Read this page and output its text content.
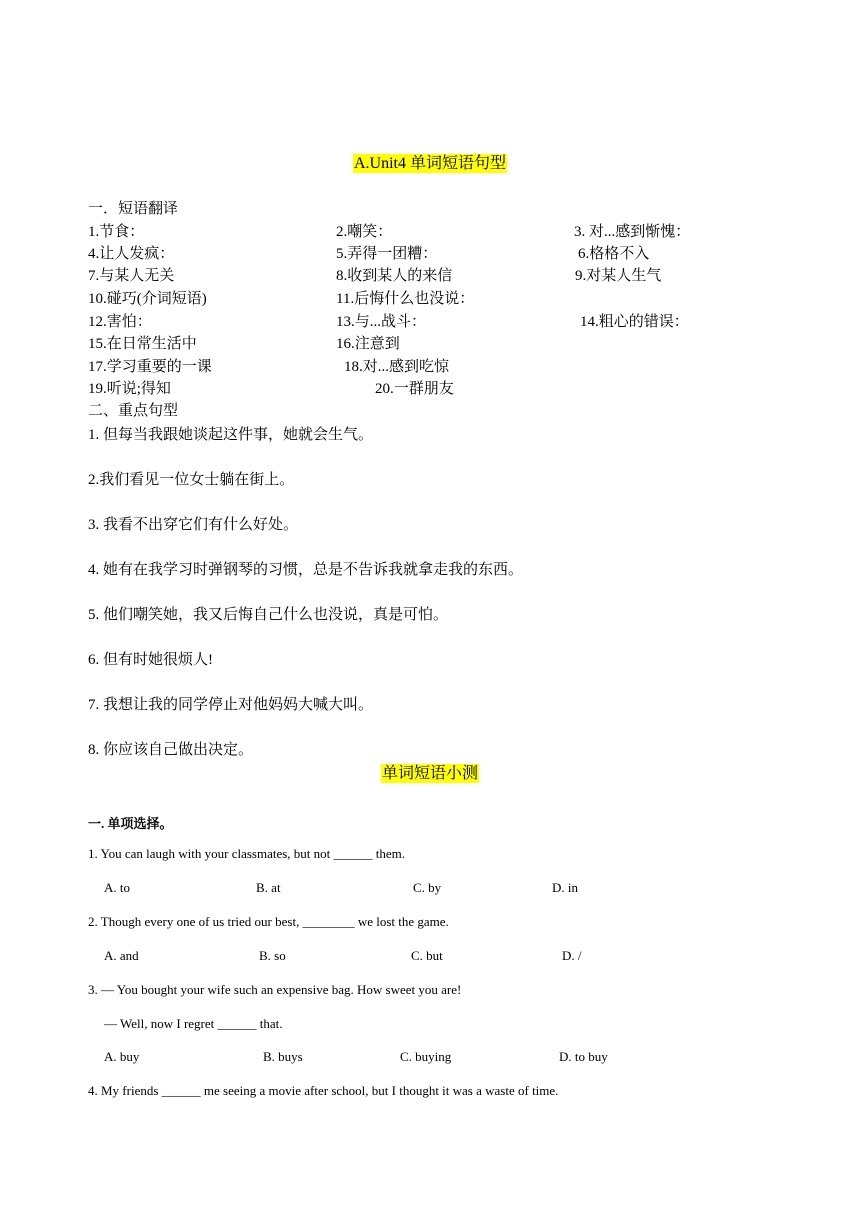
A.Unit4 单词短语句型
一．短语翻译
1.节食：	2.嘲笑：	3. 对...感到惭愧：
4.让人发疯：	5.弄得一团糟：	6.格格不入
7.与某人无关	8.收到某人的来信	9.对某人生气
10.碰巧(介词短语)	11.后悔什么也没说：
12.害怕：	13.与...战斗：	14.粗心的错误：
15.在日常生活中	16.注意到
17.学习重要的一课	18.对...感到吃惊
19.听说;得知	20.一群朋友
二、重点句型
1. 但每当我跟她谈起这件事，她就会生气。
2.我们看见一位女士躺在街上。
3. 我看不出穿它们有什么好处。
4. 她有在我学习时弹钢琴的习惯，总是不告诉我就拿走我的东西。
5. 他们嘲笑她，我又后悔自己什么也没说，真是可怕。
6. 但有时她很烦人!
7. 我想让我的同学停止对他妈妈大喊大叫。
8. 你应该自己做出决定。
单词短语小测
一. 单项选择。
1. You can laugh with your classmates, but not ______ them.
A. to	B. at	C. by	D. in
2. Though every one of us tried our best, ________ we lost the game.
A. and	B. so	C. but	D. /
3. — You bought your wife such an expensive bag. How sweet you are!
— Well, now I regret ______ that.
A. buy	B. buys	C. buying	D. to buy
4. My friends ______ me seeing a movie after school, but I thought it was a waste of time.
